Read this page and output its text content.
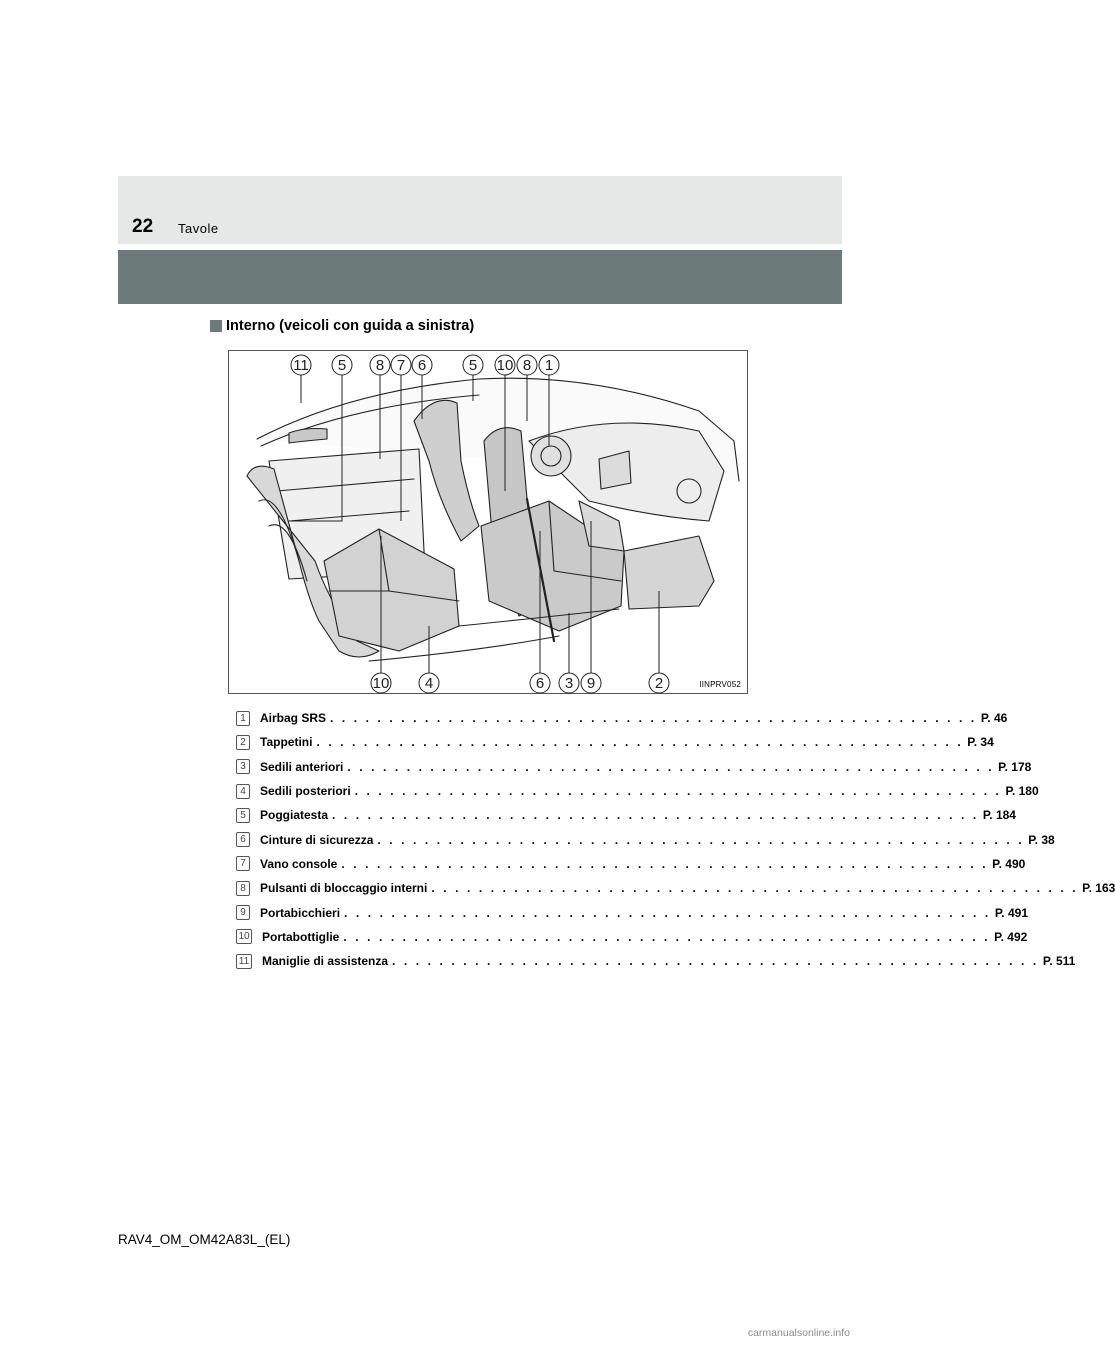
22 Tavole
Interno (veicoli con guida a sinistra)
11 5 8 7 6	5 10 8 1
10 4	6 3 9	2	IINPRV052
1	Airbag SRS . . . . . . . . . . . . . . . . . . . . . . . . . . . . . . . . . . . . . . . . . . . . . . . . . . . . . . . P. 46
2	Tappetini . . . . . . . . . . . . . . . . . . . . . . . . . . . . . . . . . . . . . . . . . . . . . . . . . . . . . . . P. 34
3	Sedili anteriori . . . . . . . . . . . . . . . . . . . . . . . . . . . . . . . . . . . . . . . . . . . . . . . . . . . . . . . P. 178
4	Sedili posteriori . . . . . . . . . . . . . . . . . . . . . . . . . . . . . . . . . . . . . . . . . . . . . . . . . . . . . . . P. 180
5	Poggiatesta . . . . . . . . . . . . . . . . . . . . . . . . . . . . . . . . . . . . . . . . . . . . . . . . . . . . . . . P. 184
6	Cinture di sicurezza . . . . . . . . . . . . . . . . . . . . . . . . . . . . . . . . . . . . . . . . . . . . . . . . . . . . . . . P. 38
7	Vano console . . . . . . . . . . . . . . . . . . . . . . . . . . . . . . . . . . . . . . . . . . . . . . . . . . . . . . . P. 490
8	Pulsanti di bloccaggio interni . . . . . . . . . . . . . . . . . . . . . . . . . . . . . . . . . . . . . . . . . . . . . . . . . . . . . . . P. 163
9	Portabicchieri . . . . . . . . . . . . . . . . . . . . . . . . . . . . . . . . . . . . . . . . . . . . . . . . . . . . . . . P. 491
10 Portabottiglie . . . . . . . . . . . . . . . . . . . . . . . . . . . . . . . . . . . . . . . . . . . . . . . . . . . . . . . P. 492
11 Maniglie di assistenza . . . . . . . . . . . . . . . . . . . . . . . . . . . . . . . . . . . . . . . . . . . . . . . . . . . . . . . P. 511
RAV4_OM_OM42A83L_(EL)
carmanualsonline.info
